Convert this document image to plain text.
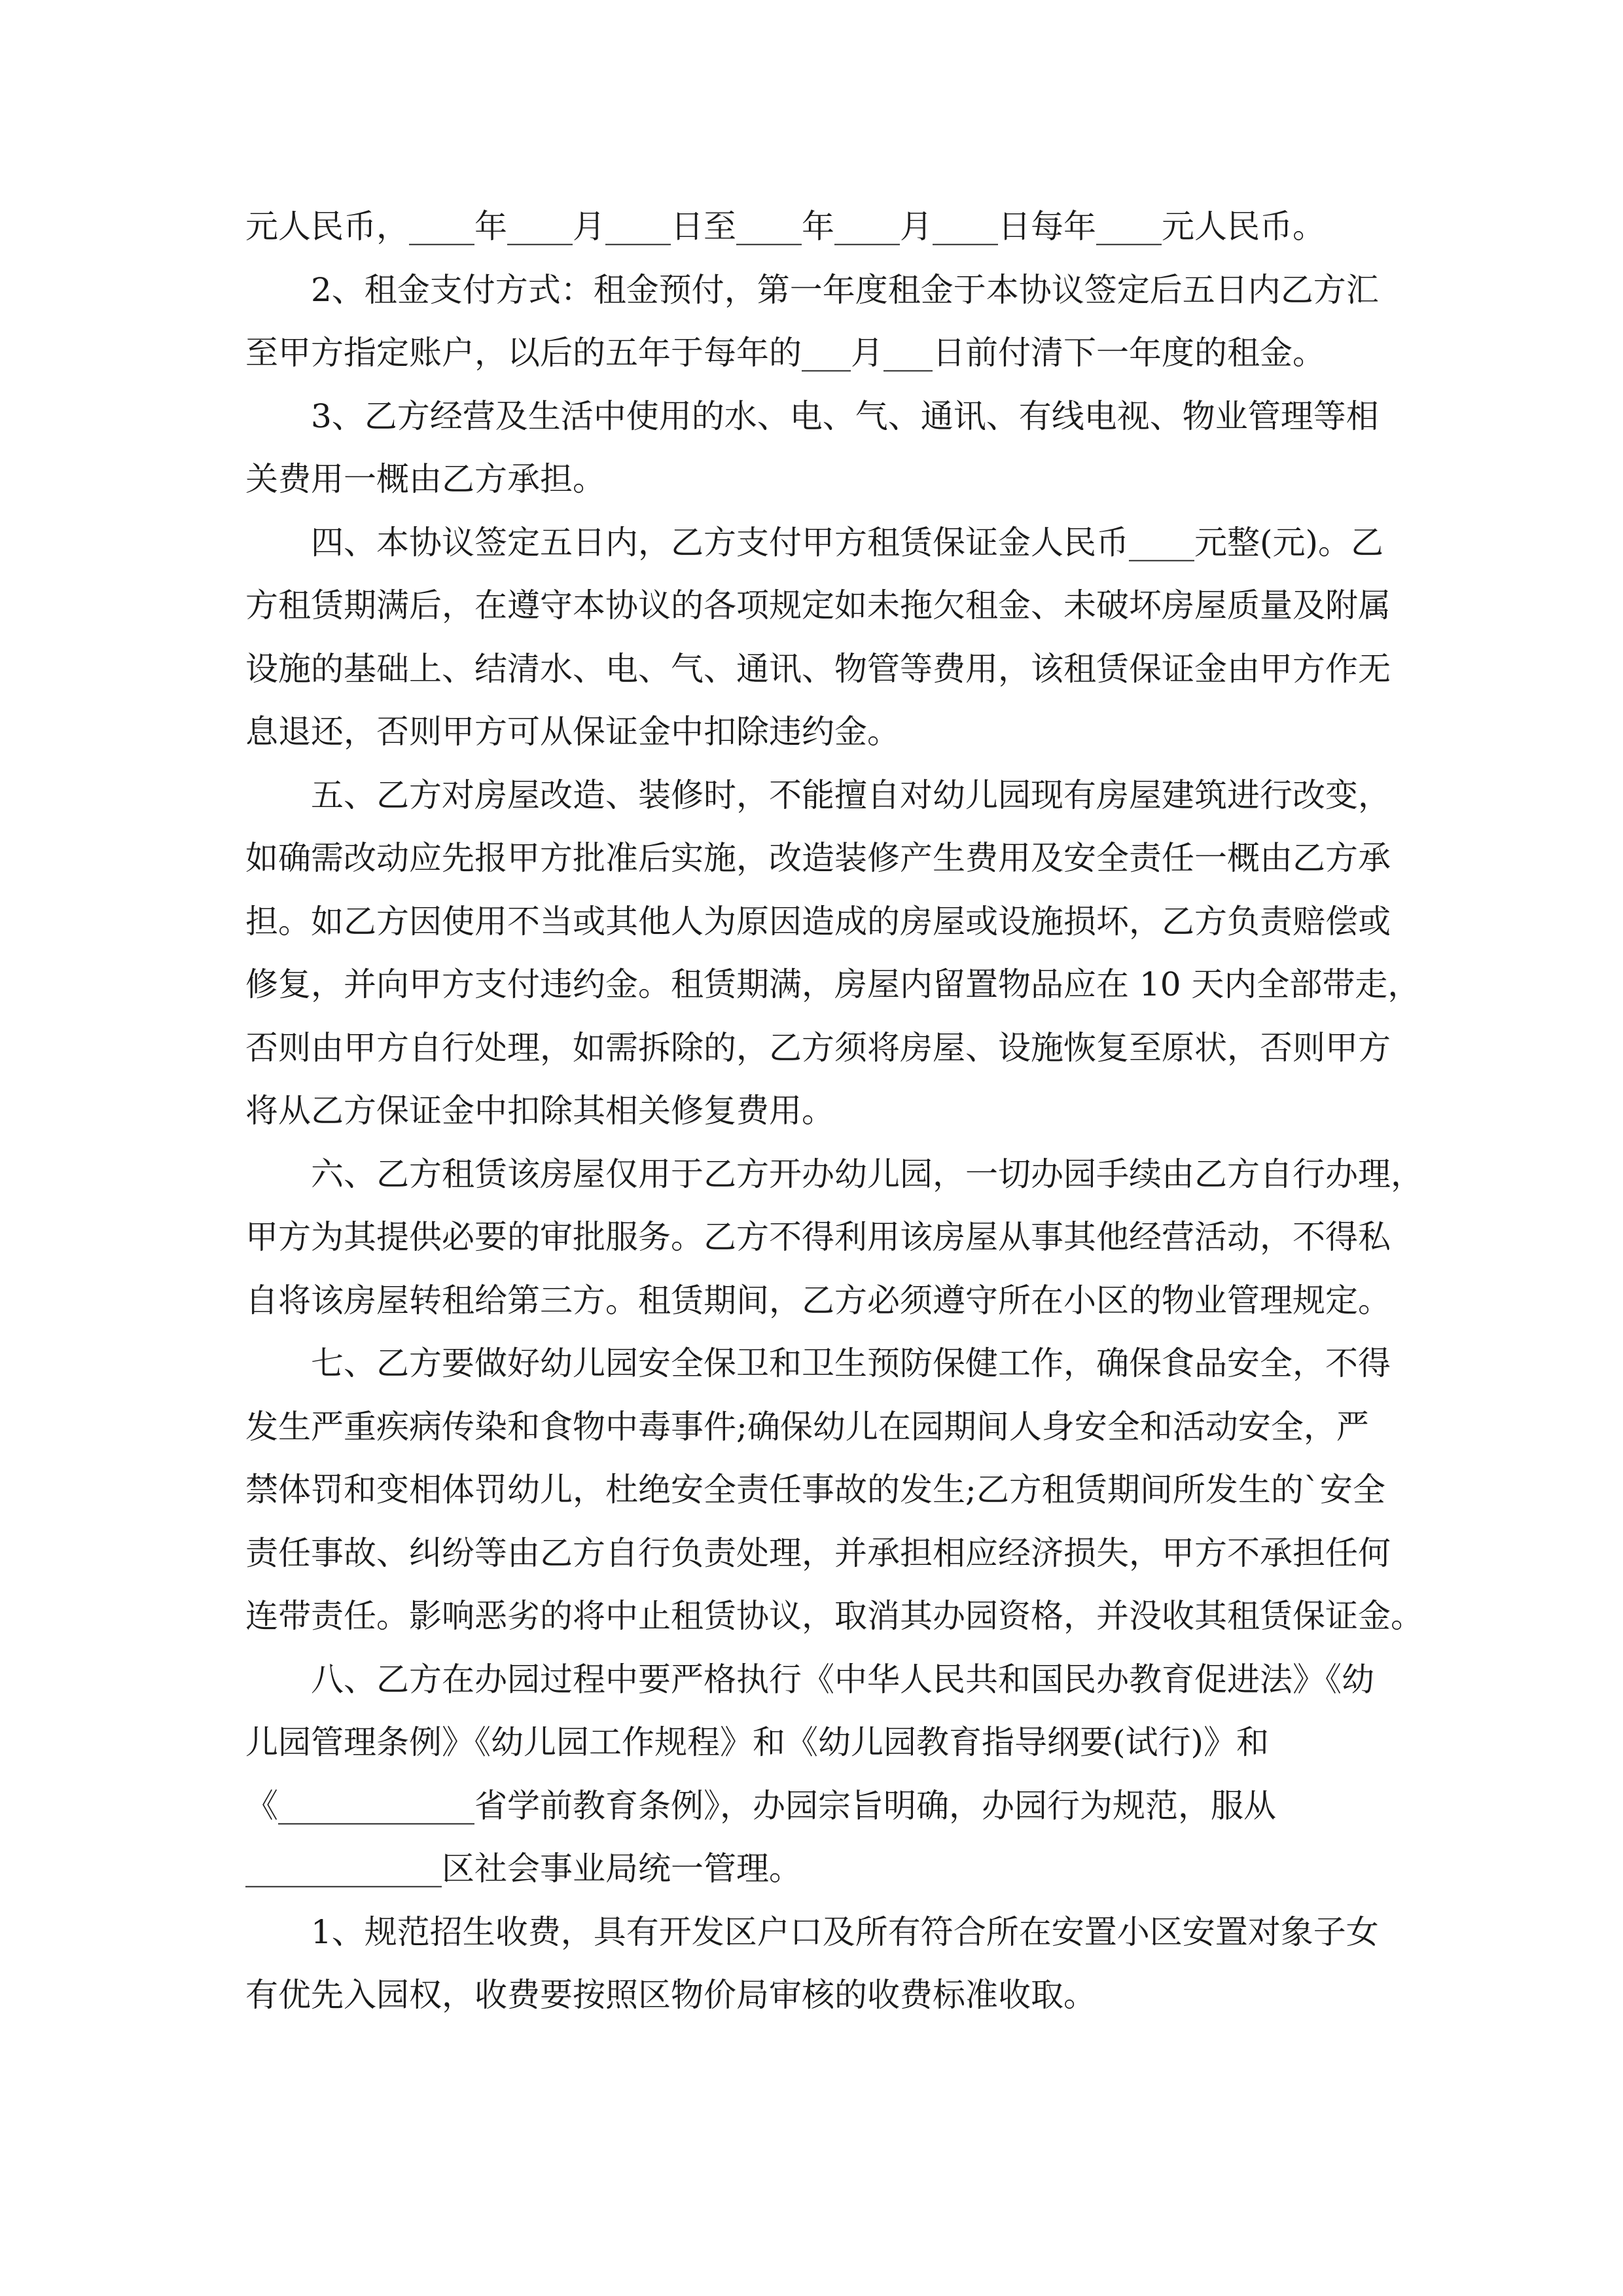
元人民币，____年____月____日至____年____月____日每年____元人民币。
2、租金支付方式：租金预付，第一年度租金于本协议签定后五日内乙方汇
至甲方指定账户，以后的五年于每年的___月___日前付清下一年度的租金。
3、乙方经营及生活中使用的水、电、气、通讯、有线电视、物业管理等相
关费用一概由乙方承担。
四、本协议签定五日内，乙方支付甲方租赁保证金人民币____元整(元)。乙
方租赁期满后，在遵守本协议的各项规定如未拖欠租金、未破坏房屋质量及附属
设施的基础上、结清水、电、气、通讯、物管等费用，该租赁保证金由甲方作无
息退还，否则甲方可从保证金中扣除违约金。
五、乙方对房屋改造、装修时，不能擅自对幼儿园现有房屋建筑进行改变，
如确需改动应先报甲方批准后实施，改造装修产生费用及安全责任一概由乙方承
担。如乙方因使用不当或其他人为原因造成的房屋或设施损坏，乙方负责赔偿或
修复，并向甲方支付违约金。租赁期满，房屋内留置物品应在 10 天内全部带走，
否则由甲方自行处理，如需拆除的，乙方须将房屋、设施恢复至原状，否则甲方
将从乙方保证金中扣除其相关修复费用。
六、乙方租赁该房屋仅用于乙方开办幼儿园，一切办园手续由乙方自行办理，
甲方为其提供必要的审批服务。乙方不得利用该房屋从事其他经营活动，不得私
自将该房屋转租给第三方。租赁期间，乙方必须遵守所在小区的物业管理规定。
七、乙方要做好幼儿园安全保卫和卫生预防保健工作，确保食品安全，不得
发生严重疾病传染和食物中毒事件;确保幼儿在园期间人身安全和活动安全，严
禁体罚和变相体罚幼儿，杜绝安全责任事故的发生;乙方租赁期间所发生的`安全
责任事故、纠纷等由乙方自行负责处理，并承担相应经济损失，甲方不承担任何
连带责任。影响恶劣的将中止租赁协议，取消其办园资格，并没收其租赁保证金。
八、乙方在办园过程中要严格执行《中华人民共和国民办教育促进法》《幼
儿园管理条例》《幼儿园工作规程》和《幼儿园教育指导纲要(试行)》和
《____________省学前教育条例》，办园宗旨明确，办园行为规范，服从
____________区社会事业局统一管理。
1、规范招生收费，具有开发区户口及所有符合所在安置小区安置对象子女
有优先入园权，收费要按照区物价局审核的收费标准收取。
